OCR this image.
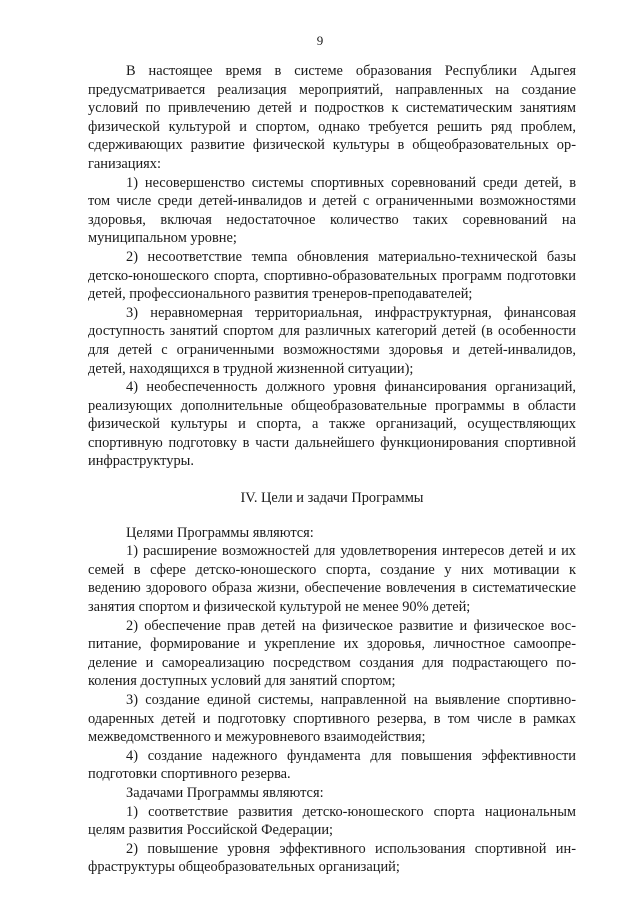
9

В настоящее время в системе образования Республики Адыгея предусматривается реализация мероприятий, направленных на создание условий по привлечению детей и подростков к систематическим занятиям физической культурой и спортом, однако требуется решить ряд проблем, сдерживающих развитие физической культуры в общеобразовательных организациях:

1) несовершенство системы спортивных соревнований среди детей, в том числе среди детей-инвалидов и детей с ограниченными возможностями здоровья, включая недостаточное количество таких соревнований на муниципальном уровне;

2) несоответствие темпа обновления материально-технической базы детско-юношеского спорта, спортивно-образовательных программ подготовки детей, профессионального развития тренеров-преподавателей;

3) неравномерная территориальная, инфраструктурная, финансовая доступность занятий спортом для различных категорий детей (в особенности для детей с ограниченными возможностями здоровья и детей-инвалидов, детей, находящихся в трудной жизненной ситуации);

4) необеспеченность должного уровня финансирования организаций, реализующих дополнительные общеобразовательные программы в области физической культуры и спорта, а также организаций, осуществляющих спортивную подготовку в части дальнейшего функционирования спортивной инфраструктуры.

IV. Цели и задачи Программы

Целями Программы являются:

1) расширение возможностей для удовлетворения интересов детей и их семей в сфере детско-юношеского спорта, создание у них мотивации к ведению здорового образа жизни, обеспечение вовлечения в систематические занятия спортом и физической культурой не менее 90% детей;

2) обеспечение прав детей на физическое развитие и физическое воспитание, формирование и укрепление их здоровья, личностное самоопределение и самореализацию посредством создания для подрастающего поколения доступных условий для занятий спортом;

3) создание единой системы, направленной на выявление спортивно-одаренных детей и подготовку спортивного резерва, в том числе в рамках межведомственного и межуровневого взаимодействия;

4) создание надежного фундамента для повышения эффективности подготовки спортивного резерва.

Задачами Программы являются:

1) соответствие развития детско-юношеского спорта национальным целям развития Российской Федерации;

2) повышение уровня эффективного использования спортивной инфраструктуры общеобразовательных организаций;
